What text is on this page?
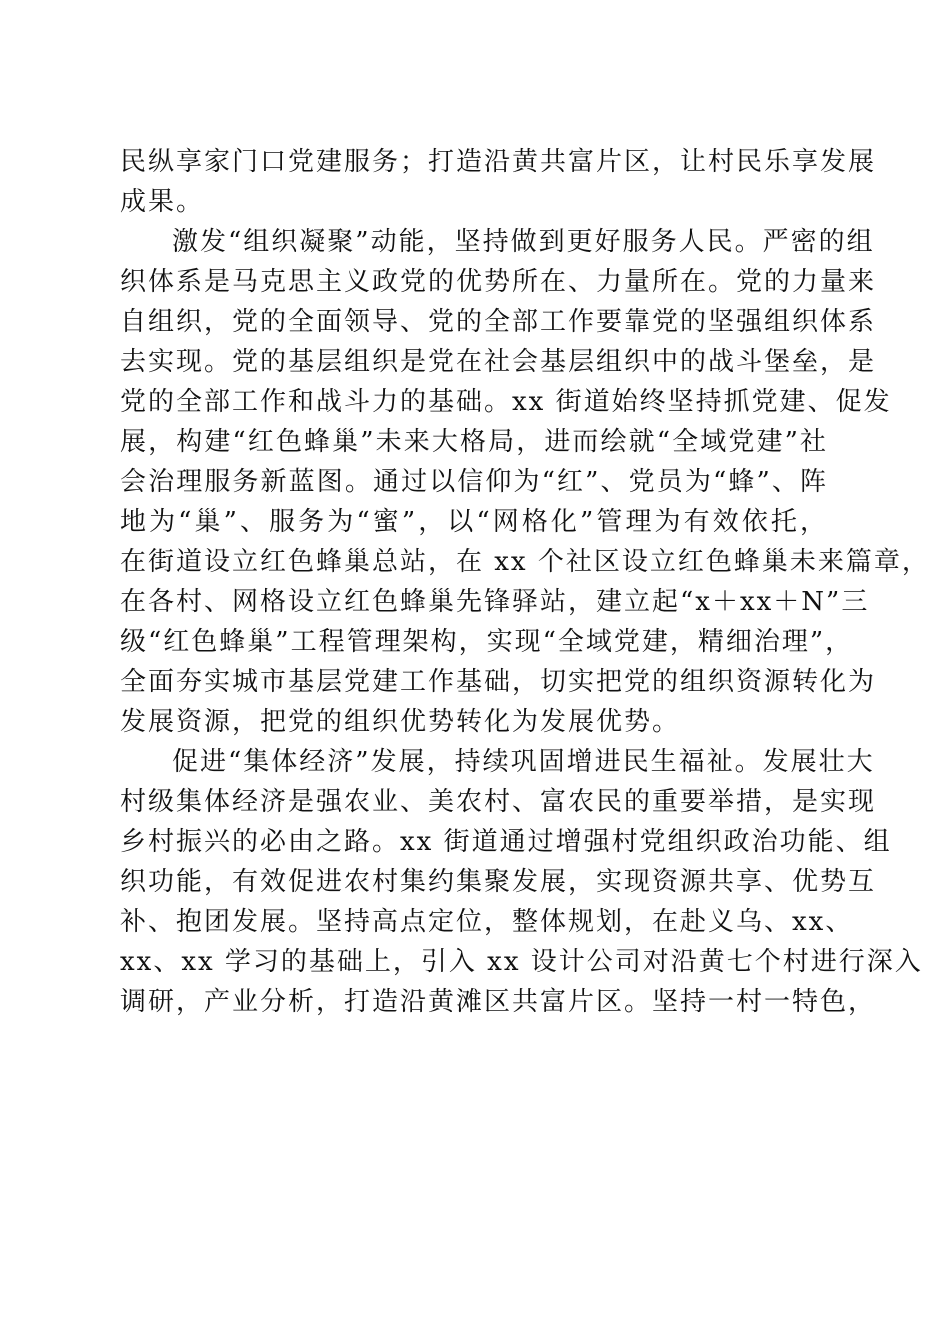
民纵享家门口党建服务；打造沿黄共富片区，让村民乐享发展
成果。
激发“组织凝聚”动能，坚持做到更好服务人民。严密的组
织体系是马克思主义政党的优势所在、力量所在。党的力量来
自组织，党的全面领导、党的全部工作要靠党的坚强组织体系
去实现。党的基层组织是党在社会基层组织中的战斗堡垒，是
党的全部工作和战斗力的基础。xx 街道始终坚持抓党建、促发
展，构建“红色蜂巢”未来大格局，进而绘就“全域党建”社
会治理服务新蓝图。通过以信仰为“红”、党员为“蜂”、阵
地为“巢”、服务为“蜜”，以“网格化”管理为有效依托，
在街道设立红色蜂巢总站，在 xx 个社区设立红色蜂巢未来篇章，
在各村、网格设立红色蜂巢先锋驿站，建立起“x＋xx＋N”三
级“红色蜂巢”工程管理架构，实现“全域党建，精细治理”，
全面夯实城市基层党建工作基础，切实把党的组织资源转化为
发展资源，把党的组织优势转化为发展优势。
促进“集体经济”发展，持续巩固增进民生福祉。发展壮大
村级集体经济是强农业、美农村、富农民的重要举措，是实现
乡村振兴的必由之路。xx 街道通过增强村党组织政治功能、组
织功能，有效促进农村集约集聚发展，实现资源共享、优势互
补、抱团发展。坚持高点定位，整体规划，在赴义乌、xx、
xx、xx 学习的基础上，引入 xx 设计公司对沿黄七个村进行深入
调研，产业分析，打造沿黄滩区共富片区。坚持一村一特色，
